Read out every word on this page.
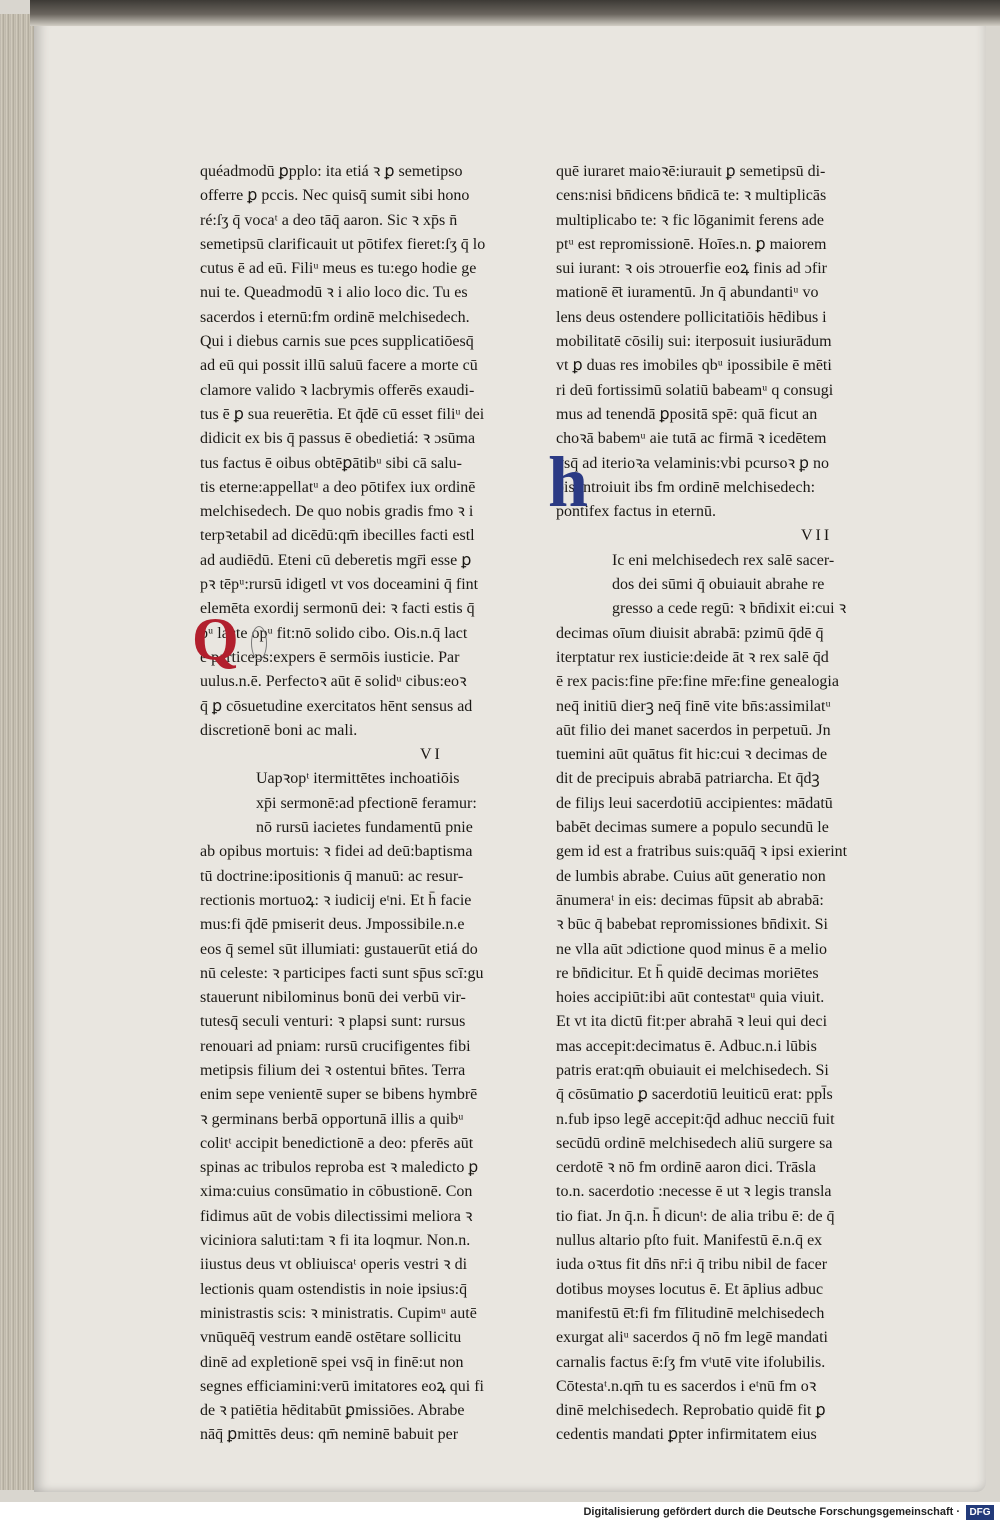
quéadmodū ꝑpplo: ita etiá ꝛ ꝑ semetipso
offerre ꝑ pccis. Nec quisq̄ sumit sibi hono
ré:ſʒ q̄ vocaᵗ a deo tāq̄ aaron. Sic ꝛ xp̄s n̄
semetipsū clarificauit ut pōtifex fieret:ſʒ q̄ lo
cutus ē ad eū. Filiᵘ meus es tu:ego hodie ge
nui te. Queadmodū ꝛ i alio loco dic. Tu es
sacerdos i eternū:fm ordinē melchisedech.
Qui i diebus carnis sue pces supplicatiōesq̄
ad eū qui possit illū saluū facere a morte cū
clamore valido ꝛ lacbrymis offerēs exaudi-
tus ē ꝑ sua reuerētia. Et q̄dē cū esset filiᵘ dei
didicit ex bis q̄ passus ē obedietiá: ꝛ ɔsūma
tus factus ē oibus obtēꝑātibᵘ sibi cā salu-
tis eterne:appellatᵘ a deo pōtifex iux ordinē
melchisedech. De quo nobis gradis fmo ꝛ i
terpꝛetabil ad dicēdū:qm̄ ibecilles facti estl
ad audiēdū. Eteni cū deberetis mgr̄i esse ꝑ
pꝛ tēpᵘ:rursū idigetl vt vos doceamini q̄ fint
elemēta exordij sermonū dei: ꝛ facti estis q̄
bᵘ lacte opᵘ fit:nō solido cibo. Ois.n.q̄ lact
ē particeps:expers ē sermōis iusticie. Par
uulus.n.ē. Perfectoꝛ aūt ē solidᵘ cibus:eoꝛ
q̄ ꝑ cōsuetudine exercitatos hēnt sensus ad
discretionē boni ac mali.
VI
Uapꝛopᵗ itermittētes inchoatiōis
xp̄i sermonē:ad pfectionē feramur:
nō rursū iacietes fundamentū pnie
ab opibus mortuis: ꝛ fidei ad deū:baptisma
tū doctrine:ipositionis q̄ manuū: ac resur-
rectionis mortuoꝝ: ꝛ iudicij eᵗni. Et h̄ facie
mus:fi q̄dē pmiserit deus. Jmpossibile.n.e
eos q̄ semel sūt illumiati: gustauerūt etiá do
nū celeste: ꝛ participes facti sunt sp̄us scī:gu
stauerunt nibilominus bonū dei verbū vir-
tutesq̄ seculi venturi: ꝛ plapsi sunt: rursus
renouari ad pniam: rursū crucifigentes fibi
metipsis filium dei ꝛ ostentui bn̄tes. Terra
enim sepe venientē super se bibens hymbrē
ꝛ germinans berbā opportunā illis a quibᵘ
colitᵗ accipit benedictionē a deo: pferēs aūt
spinas ac tribulos reproba est ꝛ maledicto ꝑ
xima:cuius consūmatio in cōbustionē. Con
fidimus aūt de vobis dilectissimi meliora ꝛ
viciniora saluti:tam ꝛ fi ita loqmur. Non.n.
iiustus deus vt obliuiscaᵗ operis vestri ꝛ di
lectionis quam ostendistis in noie ipsius:q̄
ministrastis scis: ꝛ ministratis. Cupimᵘ autē
vnūquēq̄ vestrum eandē ostētare sollicitu
dinē ad expletionē spei vsq̄ in finē:ut non
segnes efficiamini:verū imitatores eoꝝ qui fi
de ꝛ patiētia hēditabūt ꝑmissiōes. Abrabe
nāq̄ ꝑmittēs deus: qm̄ neminē babuit per
quē iuraret maioꝛē:iurauit ꝑ semetipsū di-
cens:nisi bn̄dicens bn̄dicā te: ꝛ multiplicās
multiplicabo te: ꝛ fic lōganimit ferens ade
ptᵘ est repromissionē. Hoīes.n. ꝑ maiorem
sui iurant: ꝛ ois ɔtrouerfie eoꝝ finis ad ɔfir
mationē ē̄t iuramentū. Jn q̄ abundantiᵘ vo
lens deus ostendere pollicitatiōis hēdibus i
mobilitatē cōsiliȷ sui: iterposuit iusiurādum
vt ꝑ duas res imobiles qbᵘ ipossibile ē mēti
ri deū fortissimū solatiū babeamᵘ q consugi
mus ad tenendā ꝑpositā spē: quā ficut an
choꝛā babemᵘ aie tutā ac firmā ꝛ icedētem
vsq̄ ad iterioꝛa velaminis:vbi pcursoꝛ ꝑ no
bis introiuit ibs fm ordinē melchisedech:
pontifex factus in eternū.
VII
Ic eni melchisedech rex salē sacer-
dos dei sūmi q̄ obuiauit abrahe re
gresso a cede regū: ꝛ bn̄dixit ei:cui ꝛ
decimas oīum diuisit abrabā: pzimū q̄dē q̄
iterptatur rex iusticie:deide āt ꝛ rex salē q̄d
ē rex pacis:fine pr̄e:fine mr̄e:fine genealogia
neq̄ initiū dierꝫ neq̄ finē vite bn̄s:assimilatᵘ
aūt filio dei manet sacerdos in perpetuū. Jn
tuemini aūt quātus fit hic:cui ꝛ decimas de
dit de precipuis abrabā patriarcha. Et q̄dꝫ
de filiȷs leui sacerdotiū accipientes: mādatū
babēt decimas sumere a populo secundū le
gem id est a fratribus suis:quāq̄ ꝛ ipsi exierint
de lumbis abrabe. Cuius aūt generatio non
ānumeraᵗ in eis: decimas fūpsit ab abrabā:
ꝛ būc q̄ babebat repromissiones bn̄dixit. Si
ne vlla aūt ɔdictione quod minus ē a melio
re bn̄dicitur. Et h̄ quidē decimas moriētes
hoies accipiūt:ibi aūt contestatᵘ quia viuit.
Et vt ita dictū fit:per abrahā ꝛ leui qui deci
mas accepit:decimatus ē. Adbuc.n.i lūbis
patris erat:qm̄ obuiauit ei melchisedech. Si
q̄ cōsūmatio ꝑ sacerdotiū leuiticū erat: ppl̄s
n.fub ipso legē accepit:q̄d adhuc necciū fuit
secūdū ordinē melchisedech aliū surgere sa
cerdotē ꝛ nō fm ordinē aaron dici. Trāsla
to.n. sacerdotio :necesse ē ut ꝛ legis transla
tio fiat. Jn q̄.n. h̄ dicunᵗ: de alia tribu ē: de q̄
nullus altario pſto fuit. Manifestū ē.n.q̄ ex
iuda oꝛtus fit dn̄s nr̄:i q̄ tribu nibil de facer
dotibus moyses locutus ē. Et āplius adbuc
manifestū ē̄t:fi fm fīlitudinē melchisedech
exurgat aliᵘ sacerdos q̄ nō fm legē mandati
carnalis factus ē:ſʒ fm vᵗutē vite ifolubilis.
Cōtestaᵗ.n.qm̄ tu es sacerdos i eᵗnū fm oꝛ
dinē melchisedech. Reprobatio quidē fit ꝑ
cedentis mandati ꝑpter infirmitatem eius
Q
h
Digitalisierung gefördert durch die Deutsche Forschungsgemeinschaft · DFG
